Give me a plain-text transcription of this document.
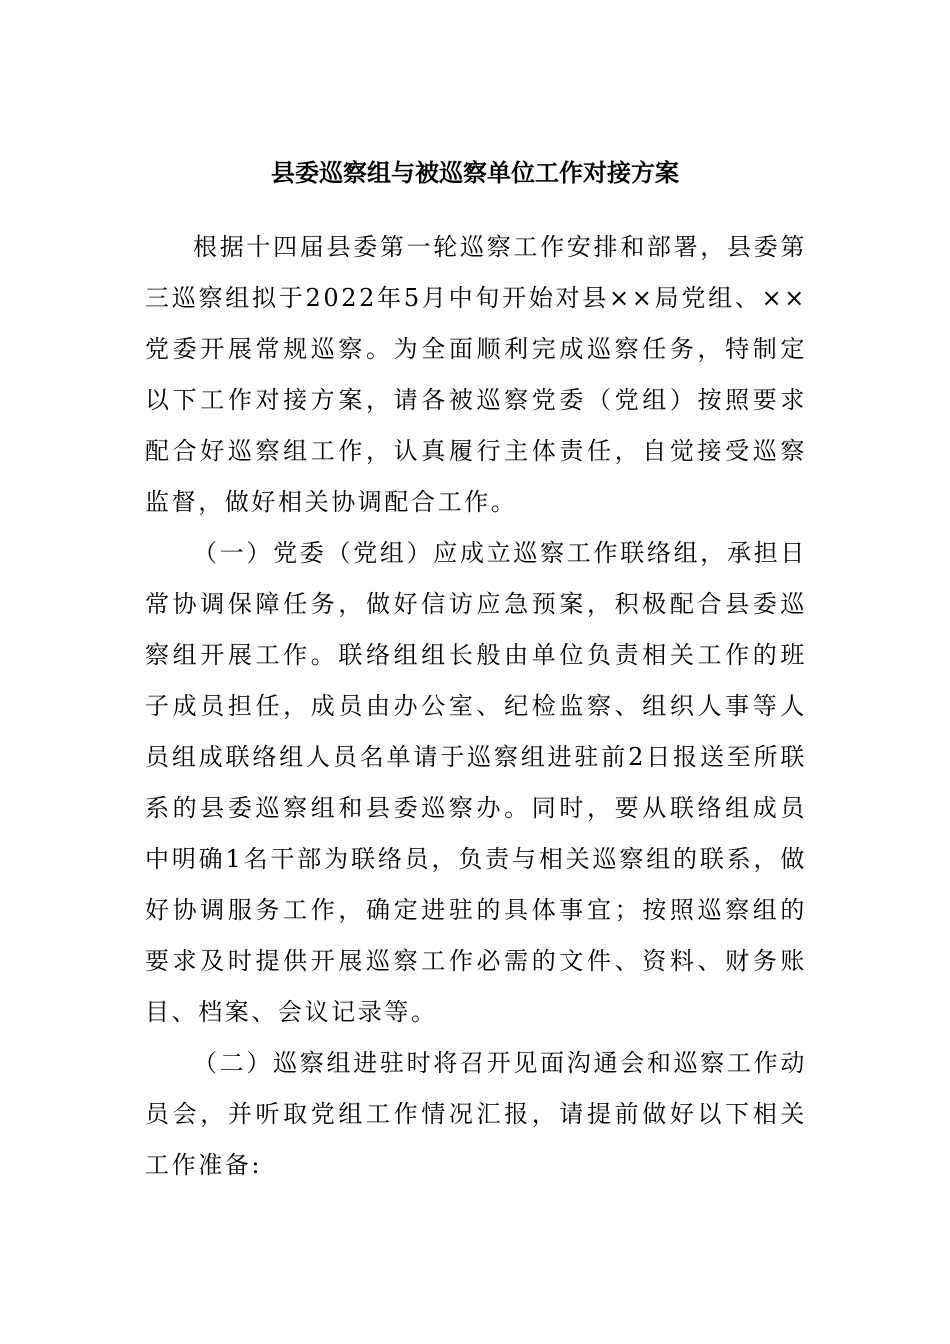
县委巡察组与被巡察单位工作对接方案

根据十四届县委第一轮巡察工作安排和部署，县委第三巡察组拟于2022年5月中旬开始对县××局党组、××党委开展常规巡察。为全面顺利完成巡察任务，特制定以下工作对接方案，请各被巡察党委（党组）按照要求配合好巡察组工作，认真履行主体责任，自觉接受巡察监督，做好相关协调配合工作。

（一）党委（党组）应成立巡察工作联络组，承担日常协调保障任务，做好信访应急预案，积极配合县委巡察组开展工作。联络组组长般由单位负责相关工作的班子成员担任，成员由办公室、纪检监察、组织人事等人员组成联络组人员名单请于巡察组进驻前2日报送至所联系的县委巡察组和县委巡察办。同时，要从联络组成员中明确1名干部为联络员，负责与相关巡察组的联系，做好协调服务工作，确定进驻的具体事宜；按照巡察组的要求及时提供开展巡察工作必需的文件、资料、财务账目、档案、会议记录等。

（二）巡察组进驻时将召开见面沟通会和巡察工作动员会，并听取党组工作情况汇报，请提前做好以下相关工作准备:
